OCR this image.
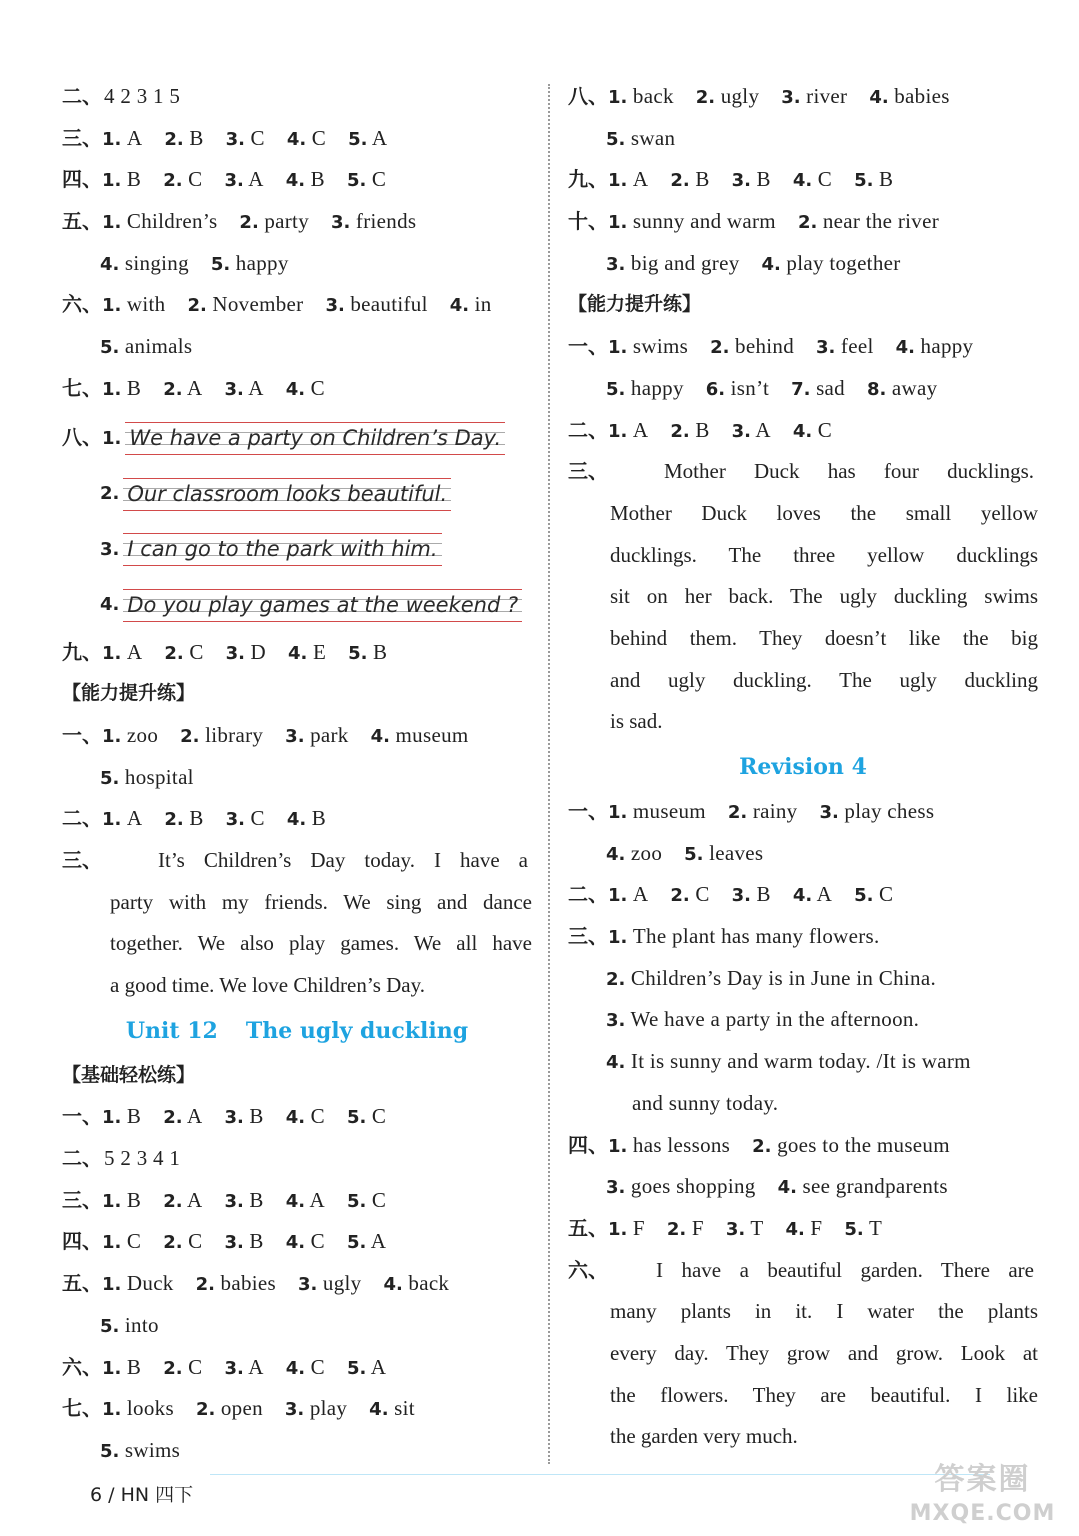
二、4 2 3 1 5
三、1. A 2. B 3. C 4. C 5. A
四、1. B 2. C 3. A 4. B 5. C
五、1. Children’s 2. party 3. friends
4. singing 5. happy
六、1. with 2. November 3. beautiful 4. in
5. animals
七、1. B 2. A 3. A 4. C
八、1. We have a party on Children’s Day.
2. Our classroom looks beautiful.
3. I can go to the park with him.
4. Do you play games at the weekend ?
九、1. A 2. C 3. D 4. E 5. B
【能力提升练】
一、1. zoo 2. library 3. park 4. museum
5. hospital
二、1. A 2. B 3. C 4. B
三、	It’s Children’s Day today. I have a
party with my friends. We sing and dance
together. We also play games. We all have
a good time. We love Children’s Day.
Unit 12 The ugly duckling
【基础轻松练】
一、1. B 2. A 3. B 4. C 5. C
二、5 2 3 4 1
三、1. B 2. A 3. B 4. A 5. C
四、1. C 2. C 3. B 4. C 5. A
五、1. Duck 2. babies 3. ugly 4. back
5. into
六、1. B 2. C 3. A 4. C 5. A
七、1. looks 2. open 3. play 4. sit
5. swims
八、1. back 2. ugly 3. river 4. babies
5. swan
九、1. A 2. B 3. B 4. C 5. B
十、1. sunny and warm 2. near the river
3. big and grey 4. play together
【能力提升练】
一、1. swims 2. behind 3. feel 4. happy
5. happy 6. isn’t 7. sad 8. away
二、1. A 2. B 3. A 4. C
三、	Mother Duck has four ducklings.
Mother Duck loves the small yellow
ducklings. The three yellow ducklings
sit on her back. The ugly duckling swims
behind them. They doesn’t like the big
and ugly duckling. The ugly duckling
is sad.
Revision 4
一、1. museum 2. rainy 3. play chess
4. zoo 5. leaves
二、1. A 2. C 3. B 4. A 5. C
三、1. The plant has many flowers.
2. Children’s Day is in June in China.
3. We have a party in the afternoon.
4. It is sunny and warm today. /It is warm
and sunny today.
四、1. has lessons 2. goes to the museum
3. goes shopping 4. see grandparents
五、1. F 2. F 3. T 4. F 5. T
六、 I have a beautiful garden. There are
many plants in it. I water the plants
every day. They grow and grow. Look at
the flowers. They are beautiful. I like
the garden very much.
6 / HN 四下	答案圈
MXQE.COM
